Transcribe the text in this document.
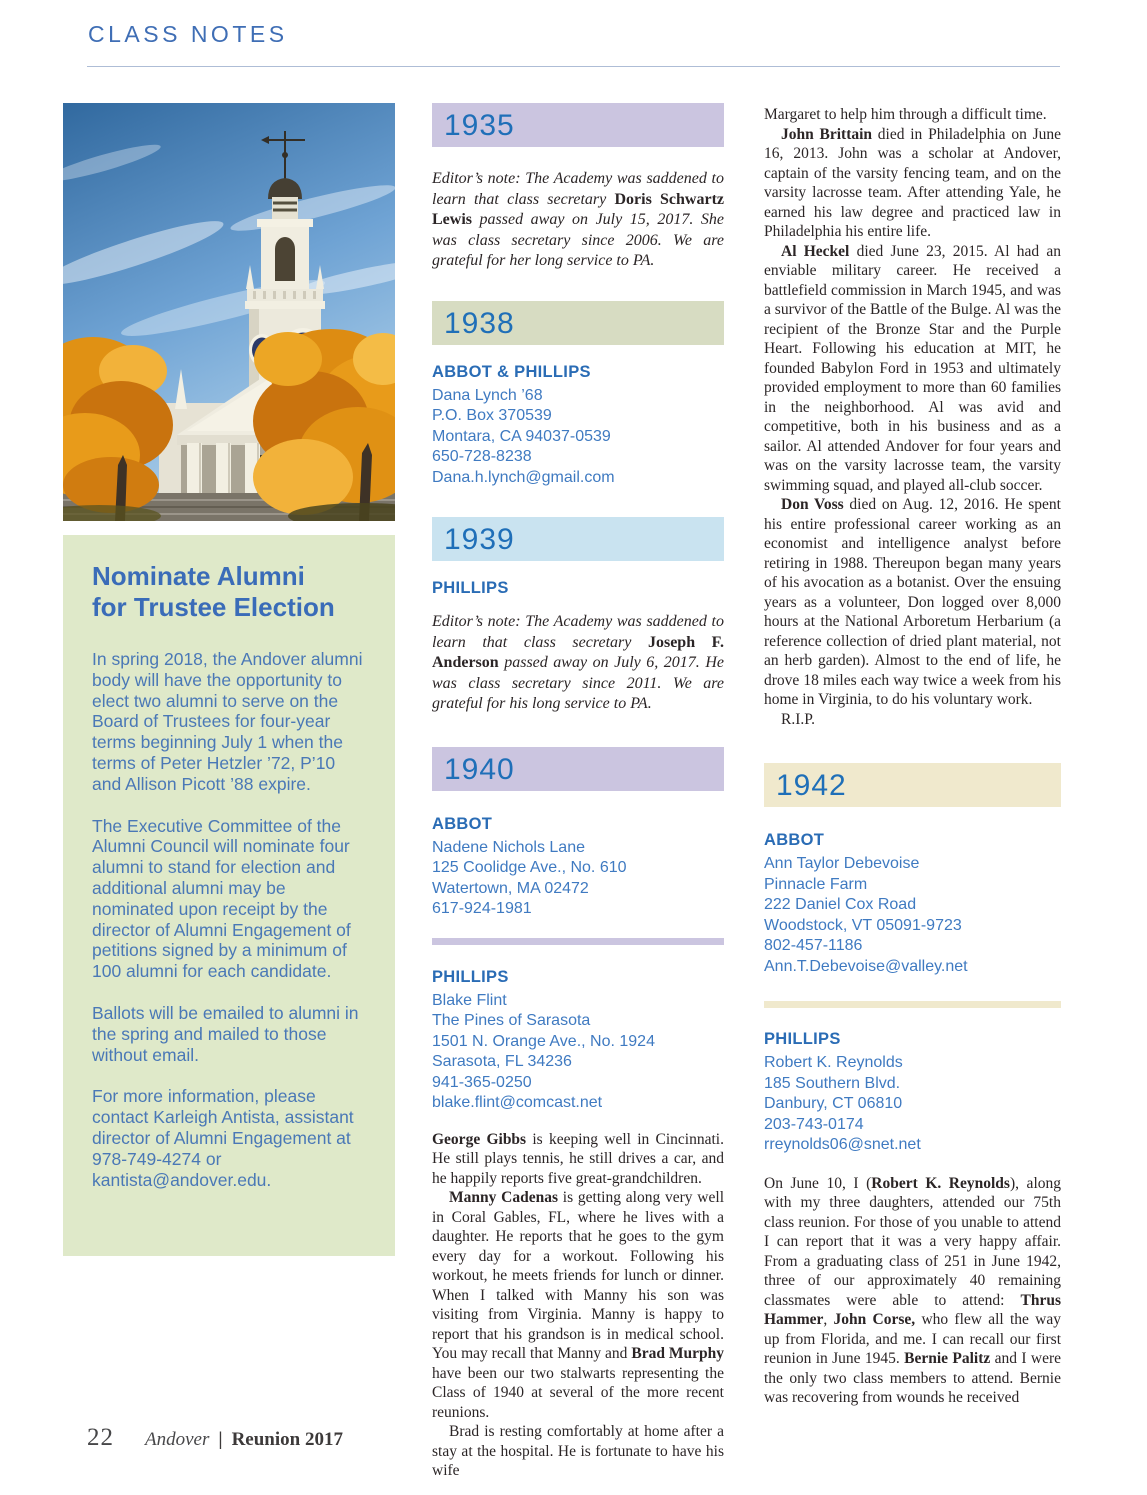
CLASS NOTES
Nominate Alumni
for Trustee Election

In spring 2018, the Andover alumni body will have the opportunity to elect two alumni to serve on the Board of Trustees for four-year terms beginning July 1 when the terms of Peter Hetzler ’72, P’10 and Allison Picott ’88 expire.

The Executive Committee of the Alumni Council will nominate four alumni to stand for election and additional alumni may be nominated upon receipt by the director of Alumni Engagement of petitions signed by a minimum of 100 alumni for each candidate.

Ballots will be emailed to alumni in the spring and mailed to those without email.

For more information, please contact Karleigh Antista, assistant director of Alumni Engagement at 978-749-4274 or kantista@andover.edu.

1935

Editor’s note: The Academy was saddened to learn that class secretary Doris Schwartz Lewis passed away on July 15, 2017. She was class secretary since 2006. We are grateful for her long service to PA.

1938
ABBOT & PHILLIPS
Dana Lynch ’68
P.O. Box 370539
Montara, CA 94037-0539
650-728-8238
Dana.h.lynch@gmail.com
1939
PHILLIPS

Editor’s note: The Academy was saddened to learn that class secretary Joseph F. Anderson passed away on July 6, 2017. He was class secretary since 2011. We are grateful for his long service to PA.

1940
ABBOT
Nadene Nichols Lane
125 Coolidge Ave., No. 610
Watertown, MA 02472
617-924-1981
PHILLIPS
Blake Flint
The Pines of Sarasota
1501 N. Orange Ave., No. 1924
Sarasota, FL 34236
941-365-0250
blake.flint@comcast.net

George Gibbs is keeping well in Cincinnati. He still plays tennis, he still drives a car, and he happily reports five great-grandchildren.

Manny Cadenas is getting along very well in Coral Gables, FL, where he lives with a daughter. He reports that he goes to the gym every day for a workout. Following his workout, he meets friends for lunch or dinner. When I talked with Manny his son was visiting from Virginia. Manny is happy to report that his grandson is in medical school. You may recall that Manny and Brad Murphy have been our two stalwarts representing the Class of 1940 at several of the more recent reunions.

Brad is resting comfortably at home after a stay at the hospital. He is fortunate to have his wife

Margaret to help him through a difficult time.

John Brittain died in Philadelphia on June 16, 2013. John was a scholar at Andover, captain of the varsity fencing team, and on the varsity lacrosse team. After attending Yale, he earned his law degree and practiced law in Philadelphia his entire life.

Al Heckel died June 23, 2015. Al had an enviable military career. He received a battlefield commission in March 1945, and was a survivor of the Battle of the Bulge. Al was the recipient of the Bronze Star and the Purple Heart. Following his education at MIT, he founded Babylon Ford in 1953 and ultimately provided employment to more than 60 families in the neighborhood. Al was avid and competitive, both in his business and as a sailor. Al attended Andover for four years and was on the varsity lacrosse team, the varsity swimming squad, and played all-club soccer.

Don Voss died on Aug. 12, 2016. He spent his entire professional career working as an economist and intelligence analyst before retiring in 1988. Thereupon began many years of his avocation as a botanist. Over the ensuing years as a volunteer, Don logged over 8,000 hours at the National Arboretum Herbarium (a reference collection of dried plant material, not an herb garden). Almost to the end of life, he drove 18 miles each way twice a week from his home in Virginia, to do his voluntary work.

R.I.P.

1942
ABBOT
Ann Taylor Debevoise
Pinnacle Farm
222 Daniel Cox Road
Woodstock, VT 05091-9723
802-457-1186
Ann.T.Debevoise@valley.net
PHILLIPS
Robert K. Reynolds
185 Southern Blvd.
Danbury, CT 06810
203-743-0174
rreynolds06@snet.net

On June 10, I (Robert K. Reynolds), along with my three daughters, attended our 75th class reunion. For those of you unable to attend I can report that it was a very happy affair. From a graduating class of 251 in June 1942, three of our approximately 40 remaining classmates were able to attend: Thrus Hammer, John Corse, who flew all the way up from Florida, and me. I can recall our first reunion in June 1945. Bernie Palitz and I were the only two class members to attend. Bernie was recovering from wounds he received

22 Andover | Reunion 2017
